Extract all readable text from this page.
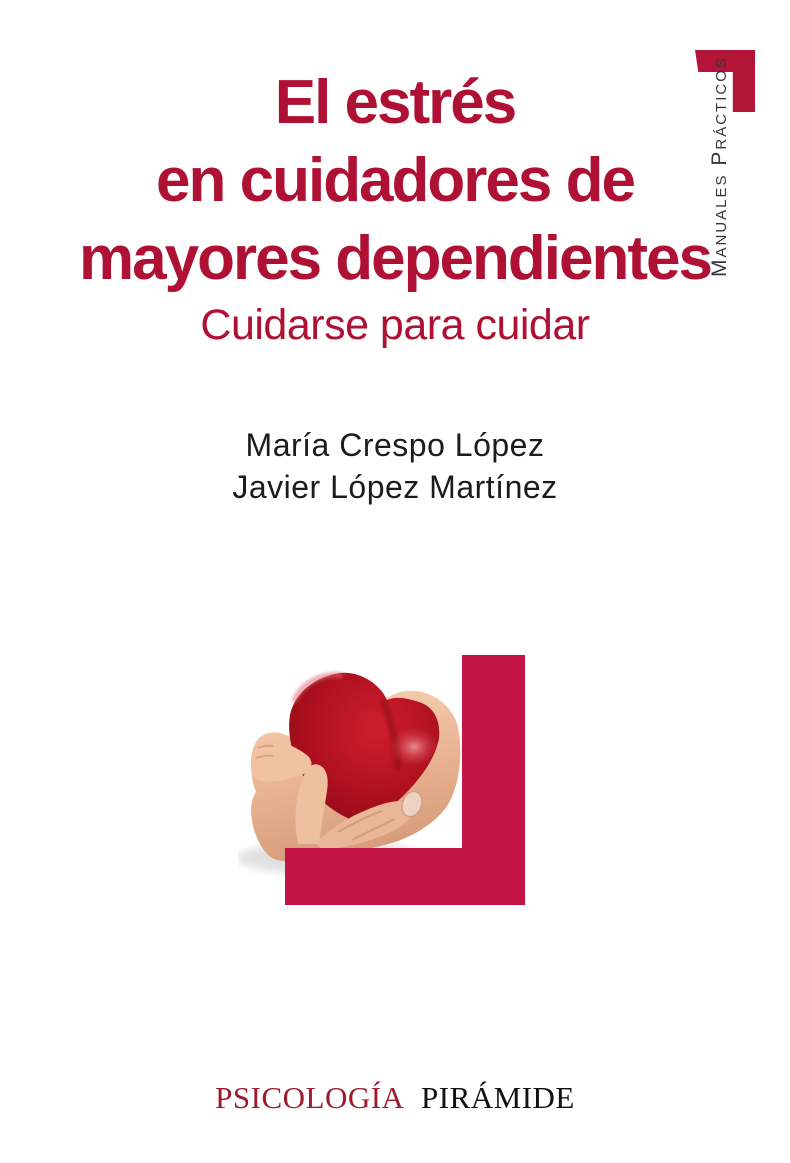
Manuales Prácticos
El estrés
en cuidadores de
mayores dependientes
Cuidarse para cuidar
María Crespo López
Javier López Martínez
PSICOLOGÍA PIRÁMIDE
